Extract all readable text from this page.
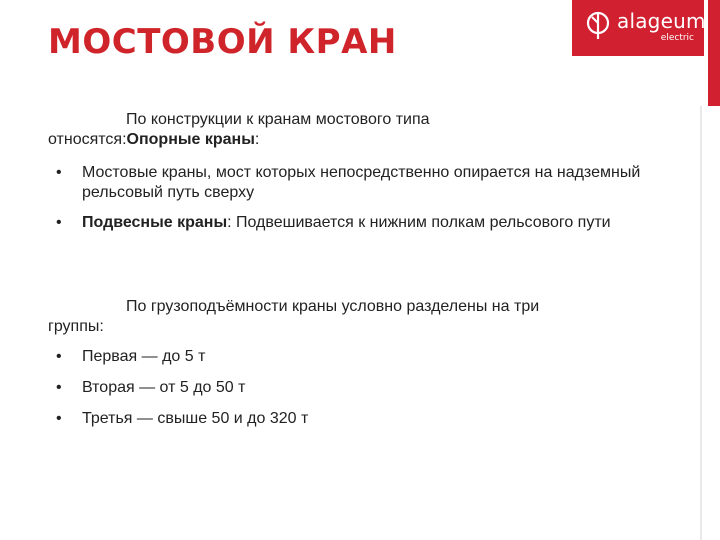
МОСТОВОЙ КРАН
alageum
electric

По конструкции к кранам мостового типа
относятся:Опорные краны:

• Мостовые краны, мост которых непосредственно опирается на надземный рельсовый путь сверху
• Подвесные краны: Подвешивается к нижним полкам рельсового пути

По грузоподъёмности краны условно разделены на три
группы:

• Первая — до 5 т
• Вторая — от 5 до 50 т
• Третья — свыше 50 и до 320 т
